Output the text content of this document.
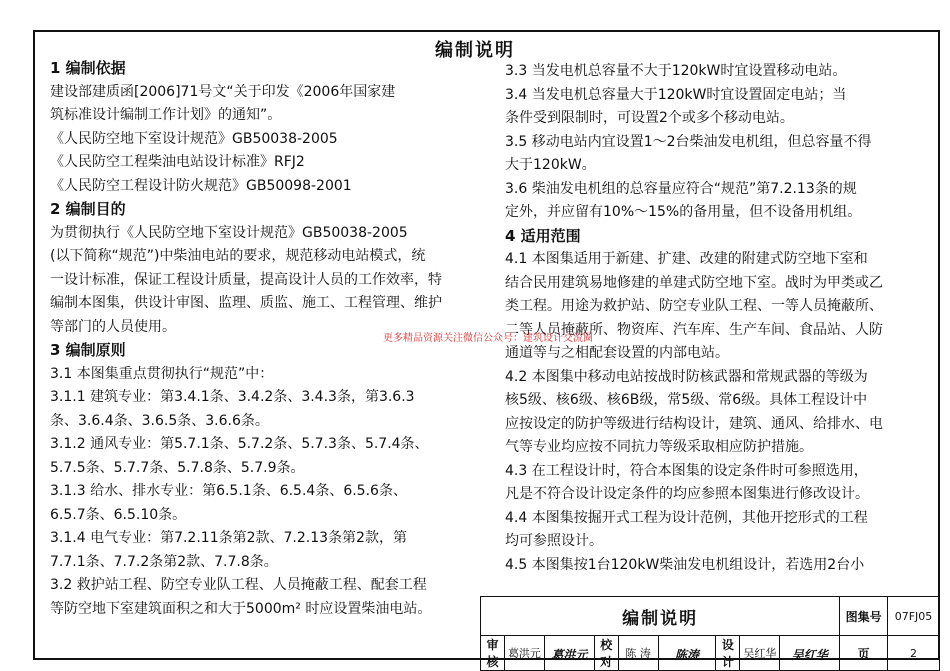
编制说明

1 编制依据

建设部建质函[2006]71号文“关于印发《2006年国家建

筑标准设计编制工作计划》的通知”。

《人民防空地下室设计规范》GB50038-2005

《人民防空工程柴油电站设计标准》RFJ2

《人民防空工程设计防火规范》GB50098-2001

2 编制目的

为贯彻执行《人民防空地下室设计规范》GB50038-2005

(以下简称“规范”)中柴油电站的要求，规范移动电站模式，统

一设计标准，保证工程设计质量，提高设计人员的工作效率，特

编制本图集，供设计审图、监理、质监、施工、工程管理、维护

等部门的人员使用。

3 编制原则

3.1 本图集重点贯彻执行“规范”中：

3.1.1 建筑专业：第3.4.1条、3.4.2条、3.4.3条，第3.6.3

条、3.6.4条、3.6.5条、3.6.6条。

3.1.2 通风专业：第5.7.1条、5.7.2条、5.7.3条、5.7.4条、

5.7.5条、5.7.7条、5.7.8条、5.7.9条。

3.1.3 给水、排水专业：第6.5.1条、6.5.4条、6.5.6条、

6.5.7条、6.5.10条。

3.1.4 电气专业：第7.2.11条第2款、7.2.13条第2款，第

7.7.1条、7.7.2条第2款、7.7.8条。

3.2 救护站工程、防空专业队工程、人员掩蔽工程、配套工程

等防空地下室建筑面积之和大于5000m² 时应设置柴油电站。

3.3 当发电机总容量不大于120kW时宜设置移动电站。

3.4 当发电机总容量大于120kW时宜设置固定电站；当

条件受到限制时，可设置2个或多个移动电站。

3.5 移动电站内宜设置1～2台柴油发电机组，但总容量不得

大于120kW。

3.6 柴油发电机组的总容量应符合“规范”第7.2.13条的规

定外，并应留有10%～15%的备用量，但不设备用机组。

4 适用范围

4.1 本图集适用于新建、扩建、改建的附建式防空地下室和

结合民用建筑易地修建的单建式防空地下室。战时为甲类或乙

类工程。用途为救护站、防空专业队工程、一等人员掩蔽所、

二等人员掩蔽所、物资库、汽车库、生产车间、食品站、人防

通道等与之相配套设置的内部电站。

4.2 本图集中移动电站按战时防核武器和常规武器的等级为

核5级、核6级、核6B级，常5级、常6级。具体工程设计中

应按设定的防护等级进行结构设计，建筑、通风、给排水、电

气等专业均应按不同抗力等级采取相应防护措施。

4.3 在工程设计时，符合本图集的设定条件时可参照选用，

凡是不符合设计设定条件的均应参照本图集进行修改设计。

4.4 本图集按掘开式工程为设计范例，其他开挖形式的工程

均可参照设计。

4.5 本图集按1台120kW柴油发电机组设计，若选用2台小

更多精品资源关注微信公众号：建筑设计交流圈
编制说明									图集号	07FJ05
审核	葛洪元	葛洪元	校对	陈 涛	陈涛	设计	吴红华	吴红华	页	2
